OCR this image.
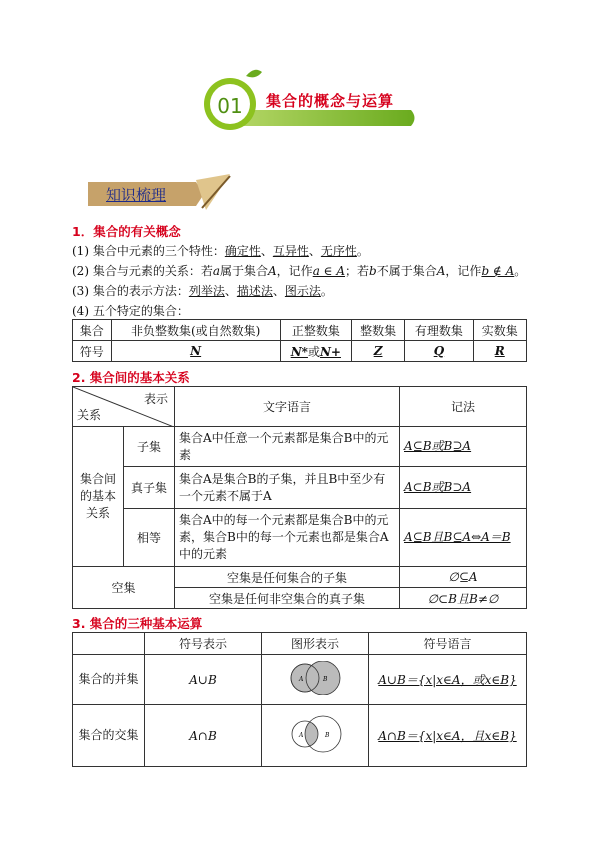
01 集合的概念与运算
知识梳理
1．集合的有关概念
(1) 集合中元素的三个特性：确定性、互异性、无序性。
(2) 集合与元素的关系：若a属于集合A，记作a ∈ A；若b不属于集合A，记作b ∉ A。
(3) 集合的表示方法：列举法、描述法、图示法。
(4) 五个特定的集合：
集合	非负整数集(或自然数集)	正整数集	整数集	有理数集	实数集
符号	N	N*或N+	Z	Q	R
2. 集合间的基本关系
表示
关系		文字语言	记法
集合间的基本关系	子集	集合A中任意一个元素都是集合B中的元素	A⊆B或B⊇A
	真子集	集合A是集合B的子集，并且B中至少有一个元素不属于A	A⊂B或B⊃A
	相等	集合A中的每一个元素都是集合B中的元素，集合B中的每一个元素也都是集合A中的元素	A⊆B且B⊆A⇔A＝B
空集		空集是任何集合的子集	∅⊆A
		空集是任何非空集合的真子集	∅⊂B且B≠∅
3. 集合的三种基本运算
	符号表示	图形表示	符号语言
集合的并集	A∪B	A B	A∪B＝{x|x∈A，或x∈B}
集合的交集	A∩B	A B	A∩B＝{x|x∈A，且x∈B}
